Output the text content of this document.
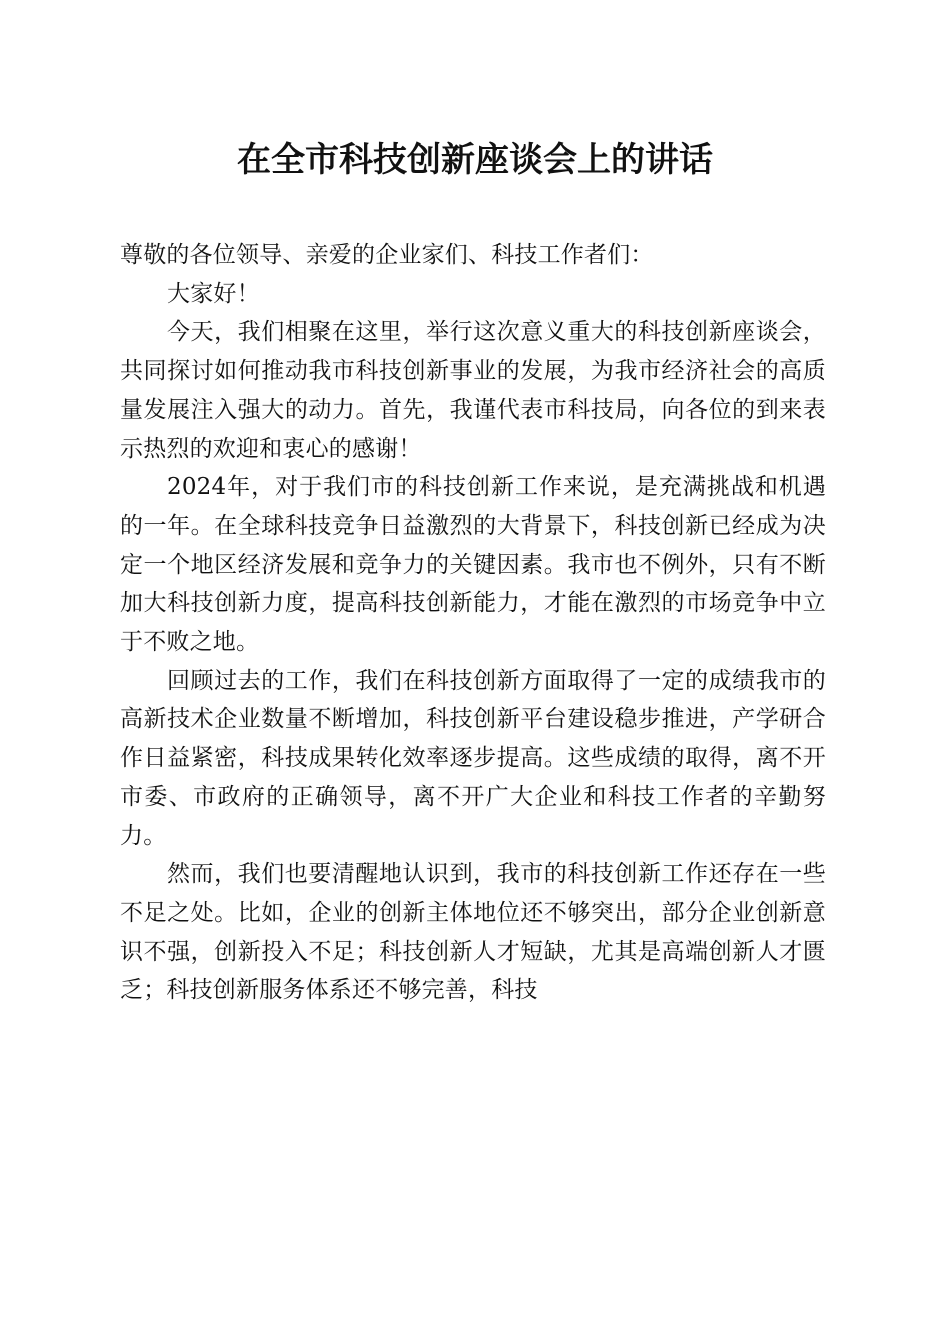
在全市科技创新座谈会上的讲话

尊敬的各位领导、亲爱的企业家们、科技工作者们：

大家好！

今天，我们相聚在这里，举行这次意义重大的科技创新座谈会，共同探讨如何推动我市科技创新事业的发展，为我市经济社会的高质量发展注入强大的动力。首先，我谨代表市科技局，向各位的到来表示热烈的欢迎和衷心的感谢！

2024年，对于我们市的科技创新工作来说，是充满挑战和机遇的一年。在全球科技竞争日益激烈的大背景下，科技创新已经成为决定一个地区经济发展和竞争力的关键因素。我市也不例外，只有不断加大科技创新力度，提高科技创新能力，才能在激烈的市场竞争中立于不败之地。

回顾过去的工作，我们在科技创新方面取得了一定的成绩我市的高新技术企业数量不断增加，科技创新平台建设稳步推进，产学研合作日益紧密，科技成果转化效率逐步提高。这些成绩的取得，离不开市委、市政府的正确领导，离不开广大企业和科技工作者的辛勤努力。

然而，我们也要清醒地认识到，我市的科技创新工作还存在一些不足之处。比如，企业的创新主体地位还不够突出，部分企业创新意识不强，创新投入不足；科技创新人才短缺，尤其是高端创新人才匮乏；科技创新服务体系还不够完善，科技
